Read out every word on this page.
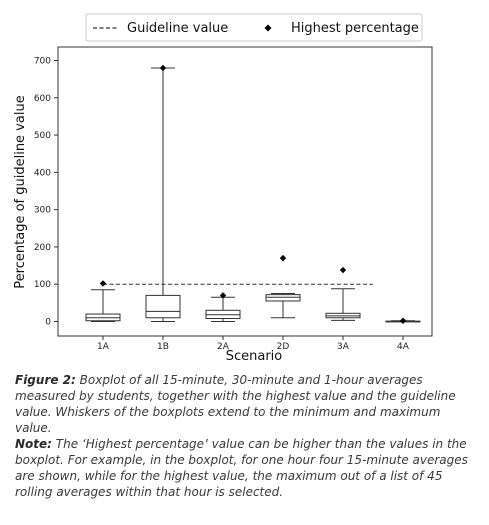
Guideline value	Highest percentage
0
100
200
300
400
500
600
700
1A	1B	2A	2D	3A	4A
Percentage of guideline value
Scenario

Figure 2: Boxplot of all 15-minute, 30-minute and 1-hour averages measured by students, together with the highest value and the guideline value. Whiskers of the boxplots extend to the minimum and maximum value.

Note: The ‘Highest percentage’ value can be higher than the values in the boxplot. For example, in the boxplot, for one hour four 15-minute averages are shown, while for the highest value, the maximum out of a list of 45 rolling averages within that hour is selected.
